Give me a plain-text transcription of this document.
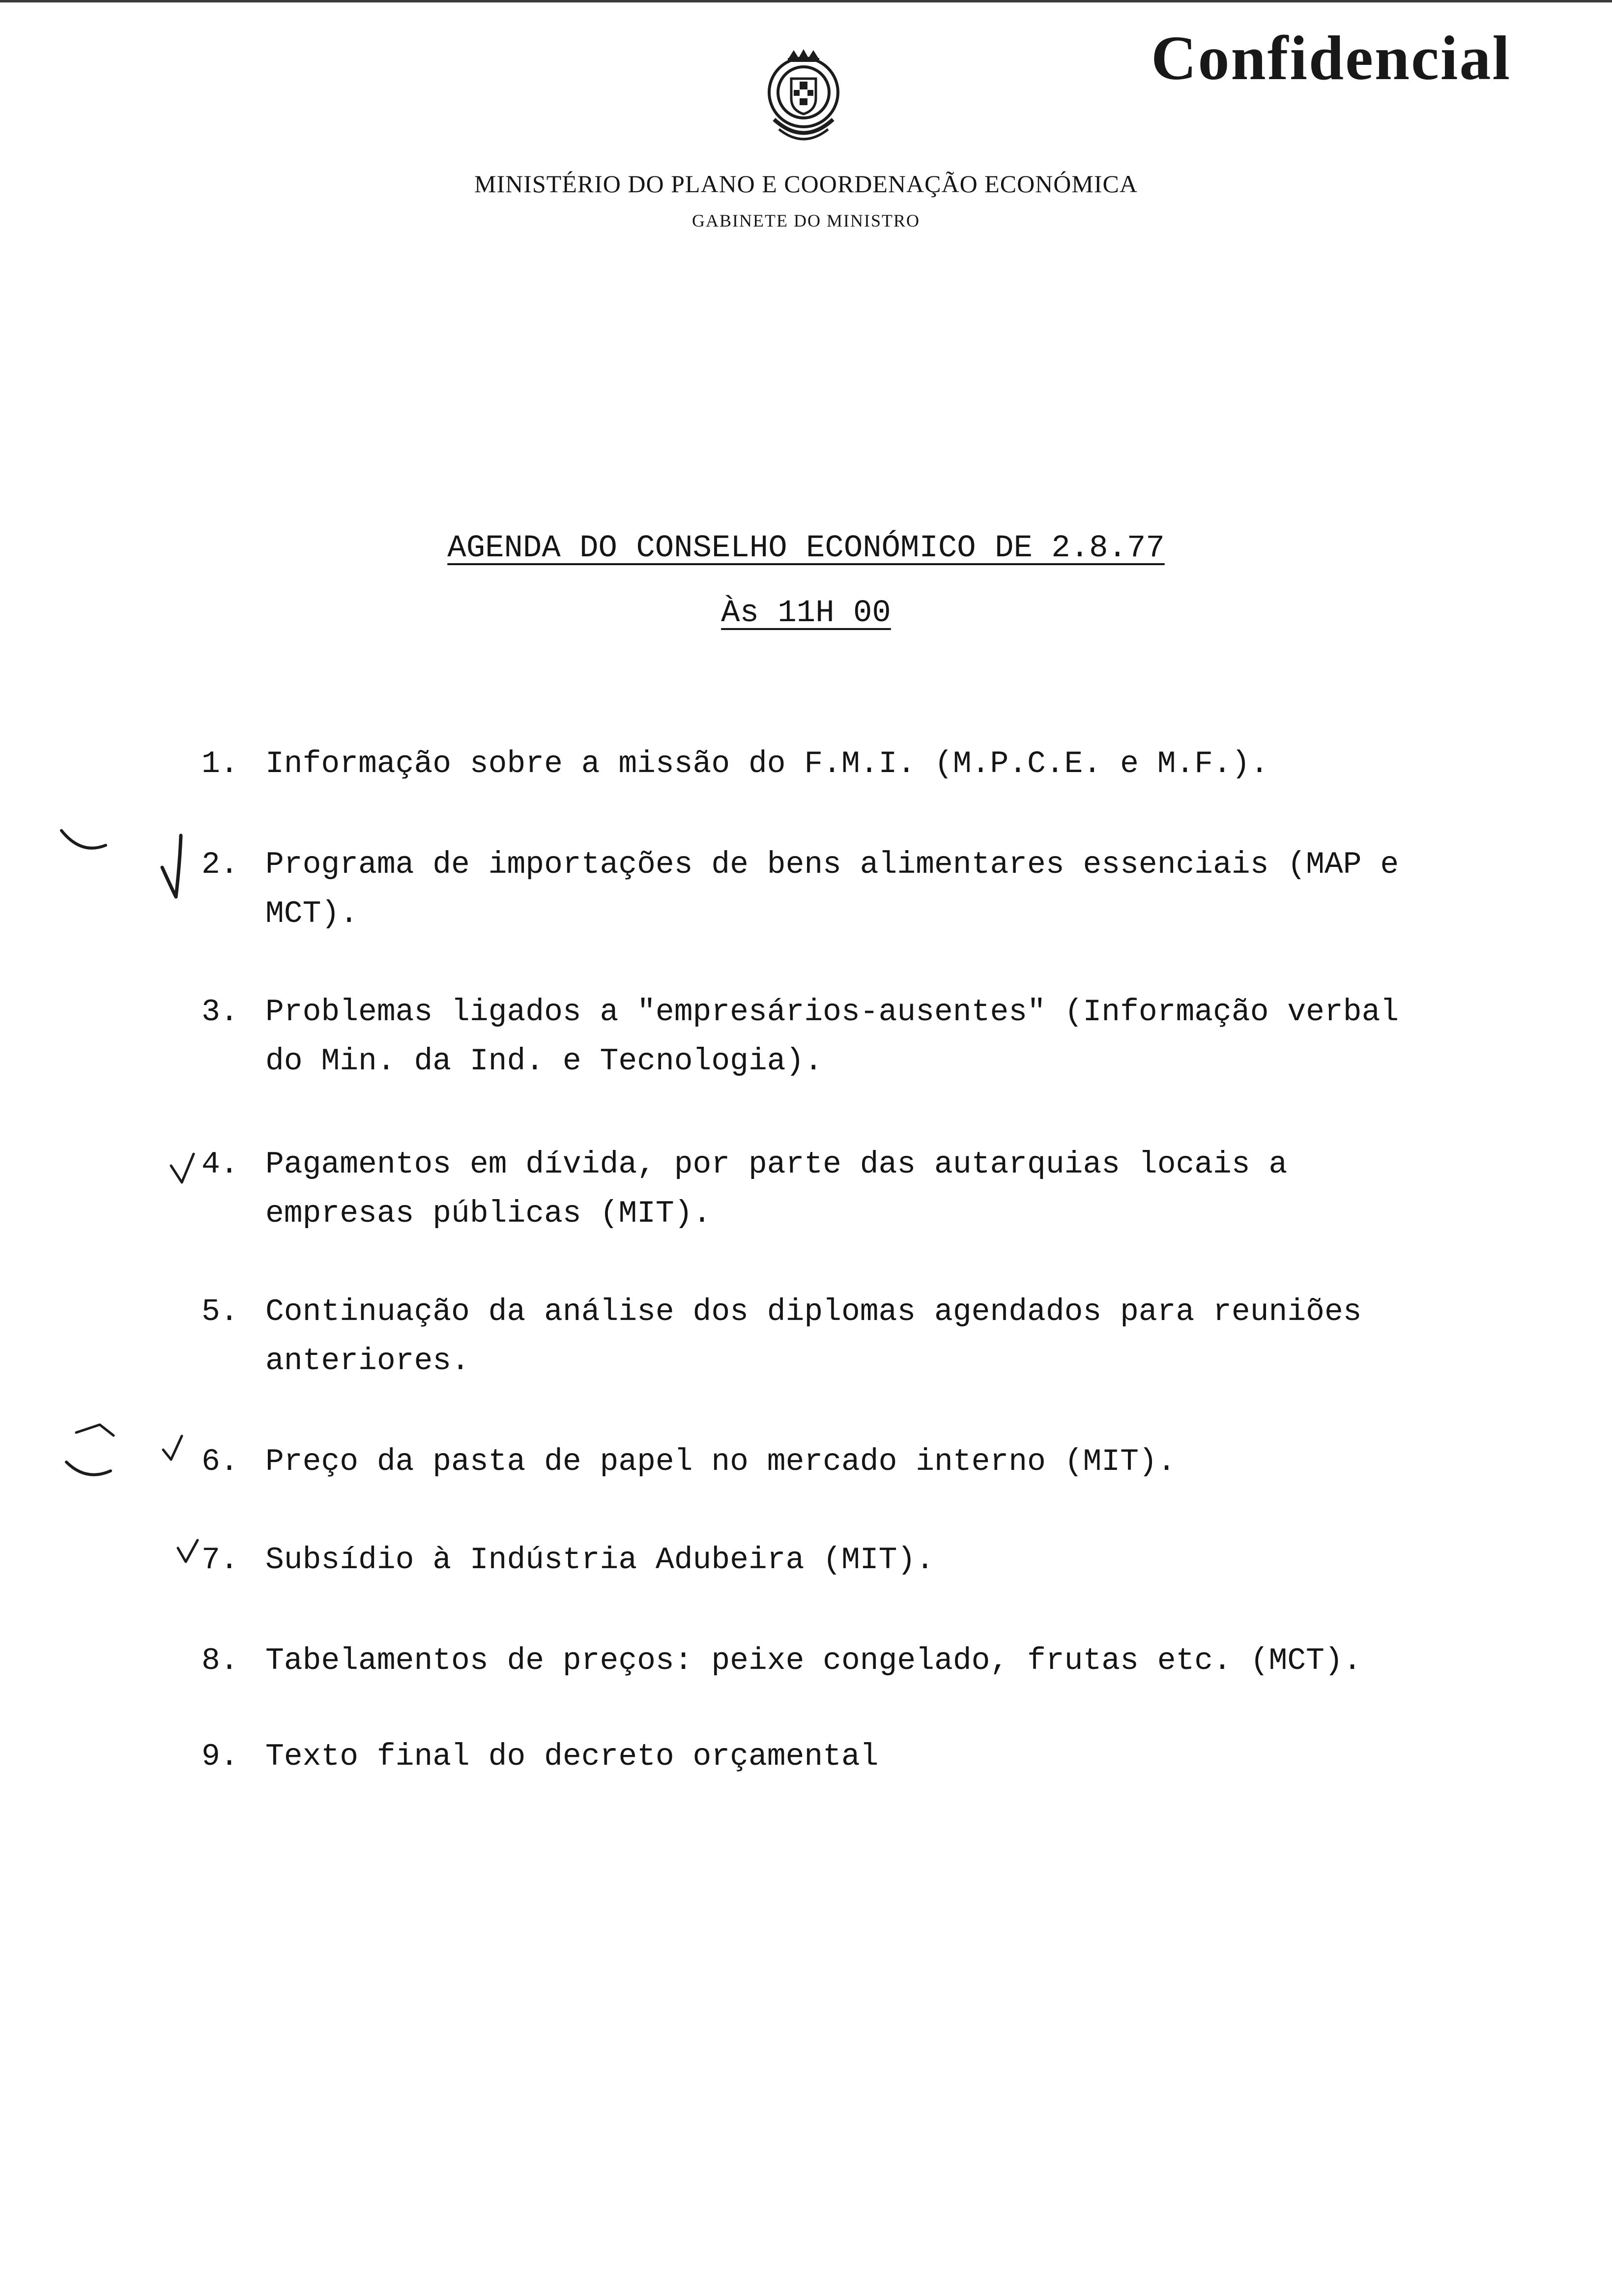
Confidencial
MINISTÉRIO DO PLANO E COORDENAÇÃO ECONÓMICA
GABINETE DO MINISTRO
AGENDA DO CONSELHO ECONÓMICO DE 2.8.77
Às 11H 00
1. Informação sobre a missão do F.M.I. (M.P.C.E. e M.F.).
2. Programa de importações de bens alimentares essenciais (MAP e MCT).
3. Problemas ligados a "empresários-ausentes" (Informação verbal do Min. da Ind. e Tecnologia).
4. Pagamentos em dívida, por parte das autarquias locais a empresas públicas (MIT).
5. Continuação da análise dos diplomas agendados para reuniões anteriores.
6. Preço da pasta de papel no mercado interno (MIT).
7. Subsídio à Indústria Adubeira (MIT).
8. Tabelamentos de preços: peixe congelado, frutas etc. (MCT).
9. Texto final do decreto orçamental
